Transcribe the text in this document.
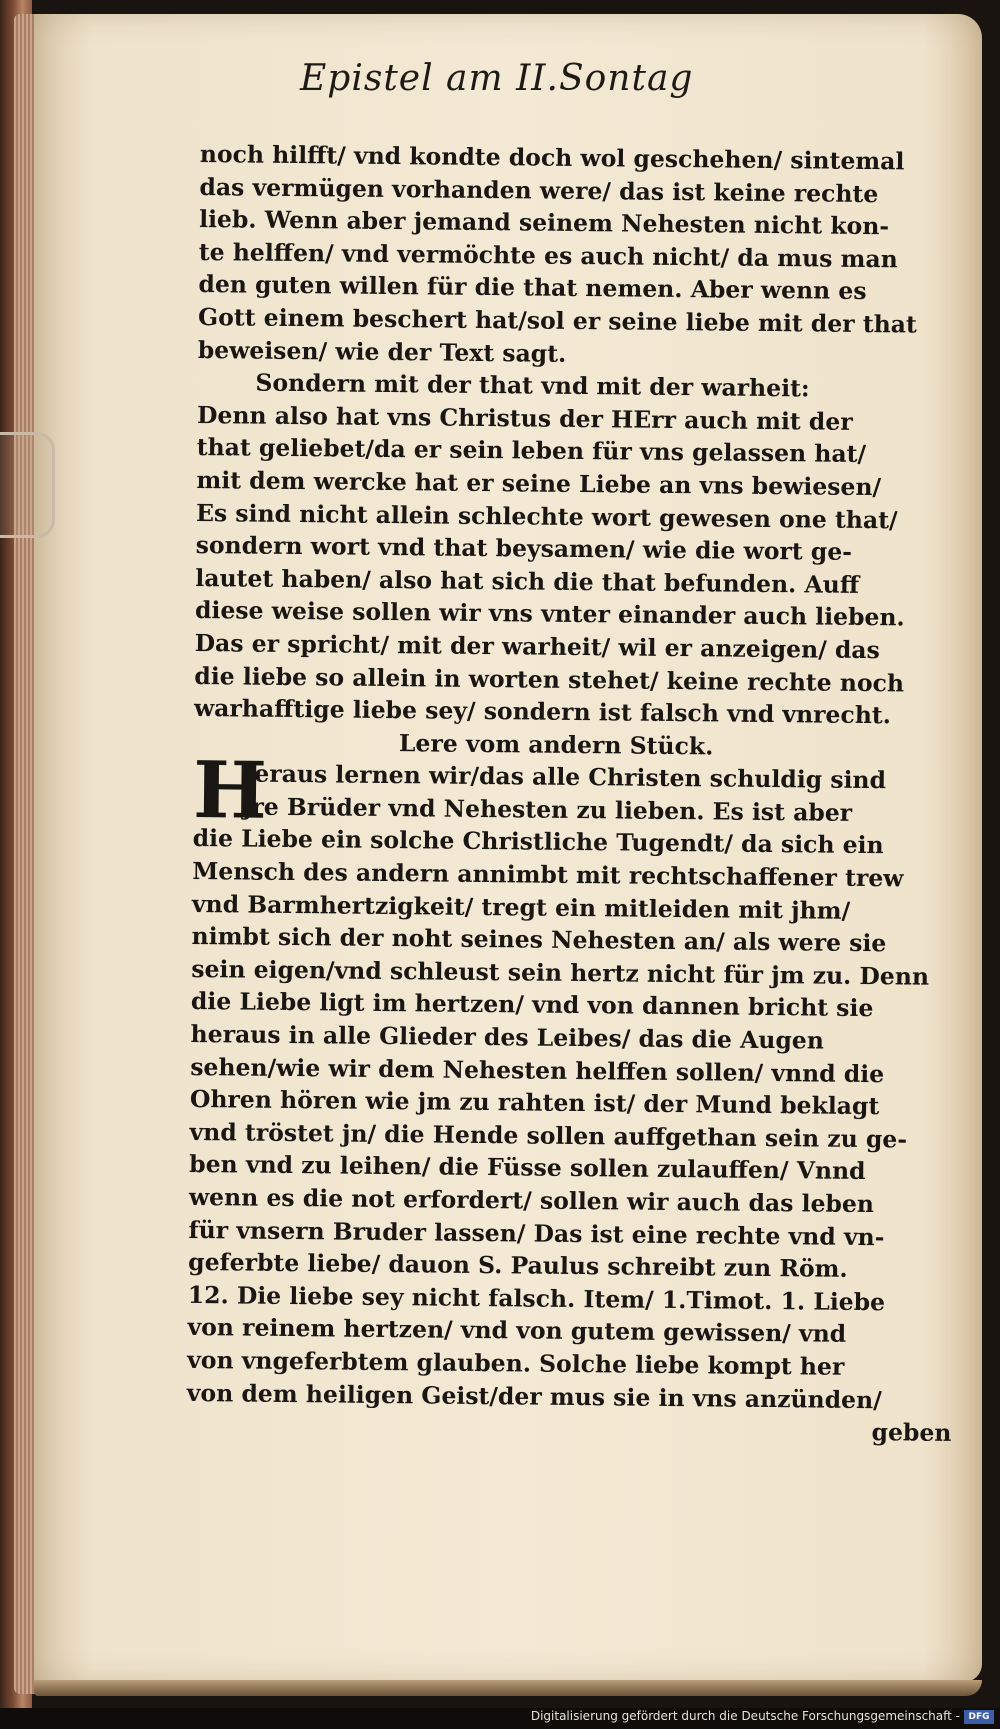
Epistel am II.Sontag
noch hilfft/ vnd kondte doch wol geschehen/ sintemal
das vermügen vorhanden were/ das ist keine rechte
lieb. Wenn aber jemand seinem Nehesten nicht kon-
te helffen/ vnd vermöchte es auch nicht/ da mus man
den guten willen für die that nemen. Aber wenn es
Gott einem beschert hat/sol er seine liebe mit der that
beweisen/ wie der Text sagt.
Sondern mit der that vnd mit der warheit:
Denn also hat vns Christus der HErr auch mit der
that geliebet/da er sein leben für vns gelassen hat/
mit dem wercke hat er seine Liebe an vns bewiesen/
Es sind nicht allein schlechte wort gewesen one that/
sondern wort vnd that beysamen/ wie die wort ge-
lautet haben/ also hat sich die that befunden. Auff
diese weise sollen wir vns vnter einander auch lieben.
Das er spricht/ mit der warheit/ wil er anzeigen/ das
die liebe so allein in worten stehet/ keine rechte noch
warhafftige liebe sey/ sondern ist falsch vnd vnrecht.
Lere vom andern Stück.
H
Ieraus lernen wir/das alle Christen schuldig sind
jre Brüder vnd Nehesten zu lieben. Es ist aber
die Liebe ein solche Christliche Tugendt/ da sich ein
Mensch des andern annimbt mit rechtschaffener trew
vnd Barmhertzigkeit/ tregt ein mitleiden mit jhm/
nimbt sich der noht seines Nehesten an/ als were sie
sein eigen/vnd schleust sein hertz nicht für jm zu. Denn
die Liebe ligt im hertzen/ vnd von dannen bricht sie
heraus in alle Glieder des Leibes/ das die Augen
sehen/wie wir dem Nehesten helffen sollen/ vnnd die
Ohren hören wie jm zu rahten ist/ der Mund beklagt
vnd tröstet jn/ die Hende sollen auffgethan sein zu ge-
ben vnd zu leihen/ die Füsse sollen zulauffen/ Vnnd
wenn es die not erfordert/ sollen wir auch das leben
für vnsern Bruder lassen/ Das ist eine rechte vnd vn-
geferbte liebe/ dauon S. Paulus schreibt zun Röm.
12. Die liebe sey nicht falsch. Item/ 1.Timot. 1. Liebe
von reinem hertzen/ vnd von gutem gewissen/ vnd
von vngeferbtem glauben. Solche liebe kompt her
von dem heiligen Geist/der mus sie in vns anzünden/
geben
Digitalisierung gefördert durch die Deutsche Forschungsgemeinschaft - DFG
